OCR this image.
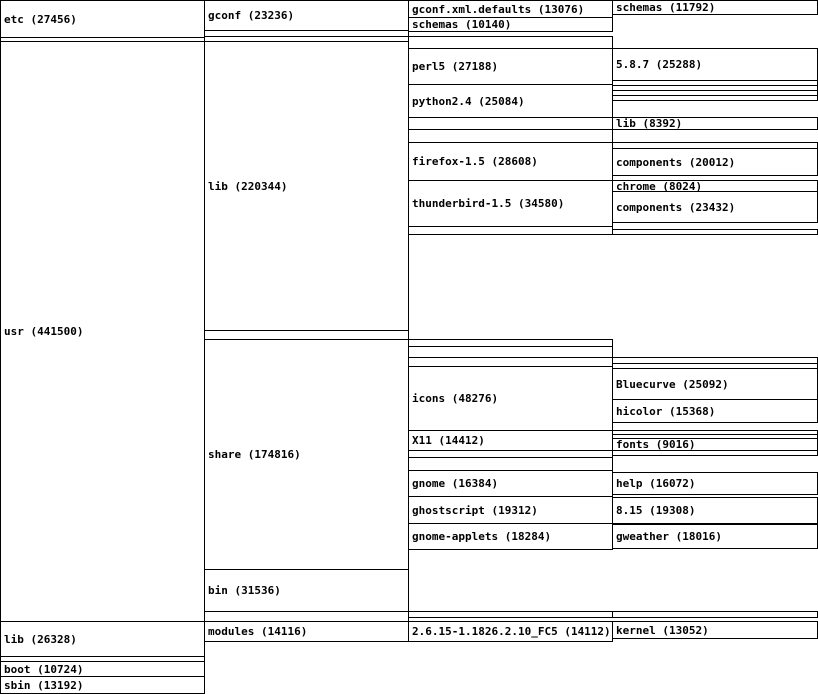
etc (27456)
usr (441500)
lib (26328)
boot (10724)
sbin (13192)
gconf (23236)
lib (220344)
share (174816)
bin (31536)
modules (14116)
gconf.xml.defaults (13076)
schemas (10140)
perl5 (27188)
python2.4 (25084)
firefox-1.5 (28608)
thunderbird-1.5 (34580)
icons (48276)
X11 (14412)
gnome (16384)
ghostscript (19312)
gnome-applets (18284)
2.6.15-1.1826.2.10_FC5 (14112)
schemas (11792)
5.8.7 (25288)
lib (8392)
components (20012)
chrome (8024)
components (23432)
Bluecurve (25092)
hicolor (15368)
fonts (9016)
help (16072)
8.15 (19308)
gweather (18016)
kernel (13052)
